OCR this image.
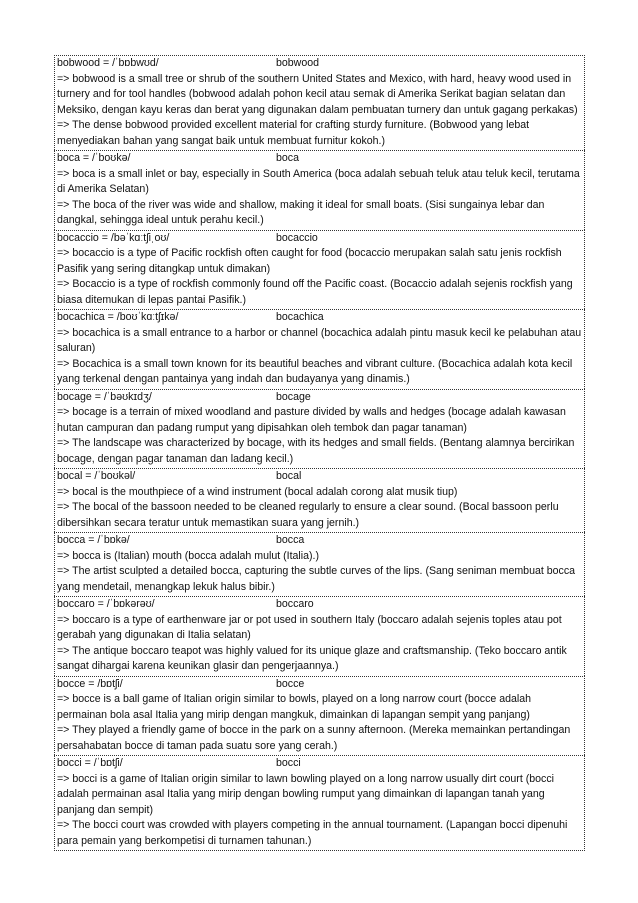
bobwood = /ˈbɒbwʊd/	bobwood

=> bobwood is a small tree or shrub of the southern United States and Mexico, with hard, heavy wood used in turnery and for tool handles (bobwood adalah pohon kecil atau semak di Amerika Serikat bagian selatan dan Meksiko, dengan kayu keras dan berat yang digunakan dalam pembuatan turnery dan untuk gagang perkakas)

=> The dense bobwood provided excellent material for crafting sturdy furniture. (Bobwood yang lebat menyediakan bahan yang sangat baik untuk membuat furnitur kokoh.)

boca = /ˈboʊkə/	boca

=> boca is a small inlet or bay, especially in South America (boca adalah sebuah teluk atau teluk kecil, terutama di Amerika Selatan)

=> The boca of the river was wide and shallow, making it ideal for small boats. (Sisi sungainya lebar dan dangkal, sehingga ideal untuk perahu kecil.)

bocaccio = /bəˈkɑːtʃiˌoʊ/	bocaccio

=> bocaccio is a type of Pacific rockfish often caught for food (bocaccio merupakan salah satu jenis rockfish Pasifik yang sering ditangkap untuk dimakan)

=> Bocaccio is a type of rockfish commonly found off the Pacific coast. (Bocaccio adalah sejenis rockfish yang biasa ditemukan di lepas pantai Pasifik.)

bocachica = /boʊˈkɑːtʃɪkə/	bocachica

=> bocachica is a small entrance to a harbor or channel (bocachica adalah pintu masuk kecil ke pelabuhan atau saluran)

=> Bocachica is a small town known for its beautiful beaches and vibrant culture. (Bocachica adalah kota kecil yang terkenal dengan pantainya yang indah dan budayanya yang dinamis.)

bocage = /ˈbəʊkɪdʒ/	bocage

=> bocage is a terrain of mixed woodland and pasture divided by walls and hedges (bocage adalah kawasan hutan campuran dan padang rumput yang dipisahkan oleh tembok dan pagar tanaman)

=> The landscape was characterized by bocage, with its hedges and small fields. (Bentang alamnya bercirikan bocage, dengan pagar tanaman dan ladang kecil.)

bocal = /ˈboʊkəl/	bocal

=> bocal is the mouthpiece of a wind instrument (bocal adalah corong alat musik tiup)

=> The bocal of the bassoon needed to be cleaned regularly to ensure a clear sound. (Bocal bassoon perlu dibersihkan secara teratur untuk memastikan suara yang jernih.)

bocca = /ˈbɒkə/	bocca

=> bocca is (Italian) mouth (bocca adalah mulut (Italia).)

=> The artist sculpted a detailed bocca, capturing the subtle curves of the lips. (Sang seniman membuat bocca yang mendetail, menangkap lekuk halus bibir.)

boccaro = /ˈbɒkərəʊ/	boccaro

=> boccaro is a type of earthenware jar or pot used in southern Italy (boccaro adalah sejenis toples atau pot gerabah yang digunakan di Italia selatan)

=> The antique boccaro teapot was highly valued for its unique glaze and craftsmanship. (Teko boccaro antik sangat dihargai karena keunikan glasir dan pengerjaannya.)

bocce = /bɒtʃi/	bocce

=> bocce is a ball game of Italian origin similar to bowls, played on a long narrow court (bocce adalah permainan bola asal Italia yang mirip dengan mangkuk, dimainkan di lapangan sempit yang panjang)

=> They played a friendly game of bocce in the park on a sunny afternoon. (Mereka memainkan pertandingan persahabatan bocce di taman pada suatu sore yang cerah.)

bocci = /ˈbɒtʃi/	bocci

=> bocci is a game of Italian origin similar to lawn bowling played on a long narrow usually dirt court (bocci adalah permainan asal Italia yang mirip dengan bowling rumput yang dimainkan di lapangan tanah yang panjang dan sempit)

=> The bocci court was crowded with players competing in the annual tournament. (Lapangan bocci dipenuhi para pemain yang berkompetisi di turnamen tahunan.)
